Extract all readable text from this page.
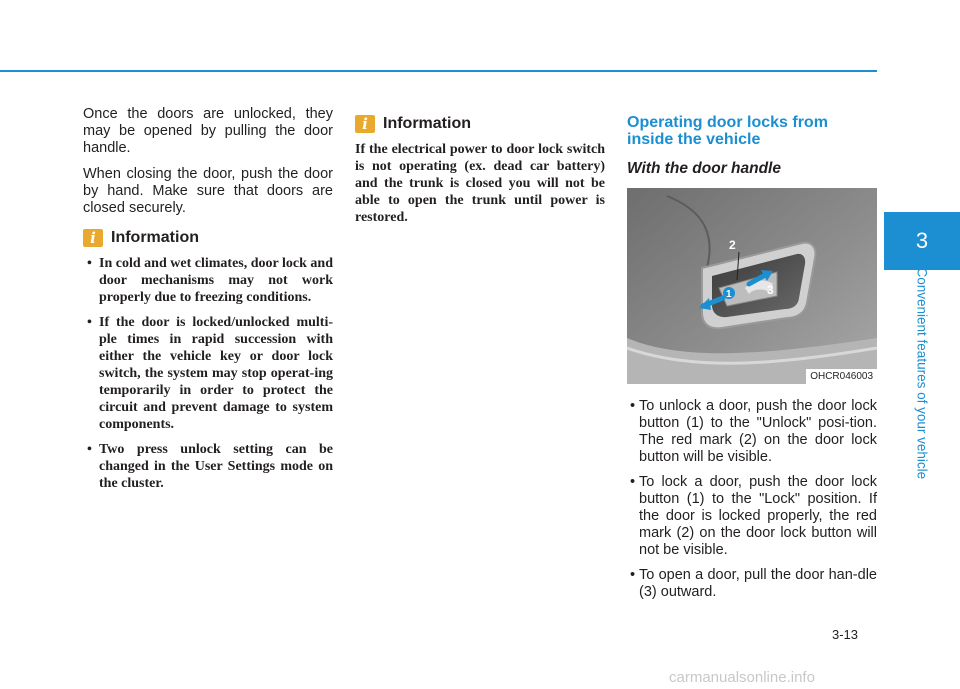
Once the doors are unlocked, they may be opened by pulling the door handle.

When closing the door, push the door by hand. Make sure that doors are closed securely.

i Information
• In cold and wet climates, door lock and door mechanisms may not work properly due to freezing conditions.
• If the door is locked/unlocked multi-ple times in rapid succession with either the vehicle key or door lock switch, the system may stop operat-ing temporarily in order to protect the circuit and prevent damage to system components.
• Two press unlock setting can be changed in the User Settings mode on the cluster.
i Information

If the electrical power to door lock switch is not operating (ex. dead car battery) and the trunk is closed you will not be able to open the trunk until power is restored.

Operating door locks from inside the vehicle
With the door handle
1
2
3
OHCR046003
• To unlock a door, push the door lock button (1) to the "Unlock" posi-tion. The red mark (2) on the door lock button will be visible.
• To lock a door, push the door lock button (1) to the "Lock" position. If the door is locked properly, the red mark (2) on the door lock button will not be visible.
• To open a door, pull the door han-dle (3) outward.
3
Convenient features of your vehicle
3-13
carmanualsonline.info
